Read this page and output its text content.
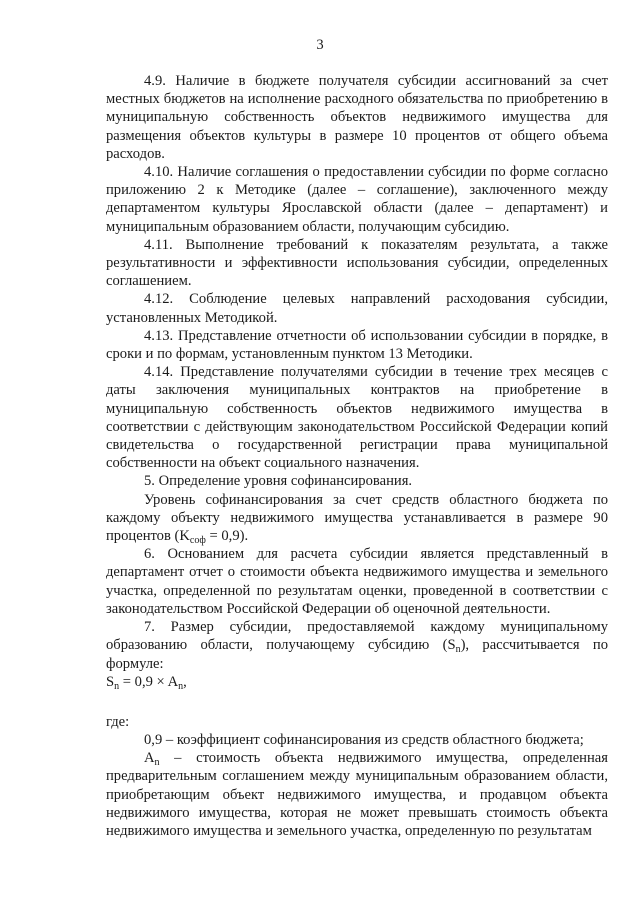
3

4.9. Наличие в бюджете получателя субсидии ассигнований за счет местных бюджетов на исполнение расходного обязательства по приобретению в муниципальную собственность объектов недвижимого имущества для размещения объектов культуры в размере 10 процентов от общего объема расходов.

4.10. Наличие соглашения о предоставлении субсидии по форме согласно приложению 2 к Методике (далее – соглашение), заключенного между департаментом культуры Ярославской области (далее – департамент) и муниципальным образованием области, получающим субсидию.

4.11. Выполнение требований к показателям результата, а также результативности и эффективности использования субсидии, определенных соглашением.

4.12. Соблюдение целевых направлений расходования субсидии, установленных Методикой.

4.13. Представление отчетности об использовании субсидии в порядке, в сроки и по формам, установленным пунктом 13 Методики.

4.14. Представление получателями субсидии в течение трех месяцев с даты заключения муниципальных контрактов на приобретение в муниципальную собственность объектов недвижимого имущества в соответствии с действующим законодательством Российской Федерации копий свидетельства о государственной регистрации права муниципальной собственности на объект социального назначения.

5. Определение уровня софинансирования.

Уровень софинансирования за счет средств областного бюджета по каждому объекту недвижимого имущества устанавливается в размере 90 процентов $(K_{соф} = 0,9)$.

6. Основанием для расчета субсидии является представленный в департамент отчет о стоимости объекта недвижимого имущества и земельного участка, определенной по результатам оценки, проведенной в соответствии с законодательством Российской Федерации об оценочной деятельности.

7. Размер субсидии, предоставляемой каждому муниципальному образованию области, получающему субсидию $(S_n)$, рассчитывается по формуле:

$S_n = 0,9 \times A_n$,

где:

0,9 – коэффициент софинансирования из средств областного бюджета;

$A_n$ – стоимость объекта недвижимого имущества, определенная предварительным соглашением между муниципальным образованием области, приобретающим объект недвижимого имущества, и продавцом объекта недвижимого имущества, которая не может превышать стоимость объекта недвижимого имущества и земельного участка, определенную по результатам
